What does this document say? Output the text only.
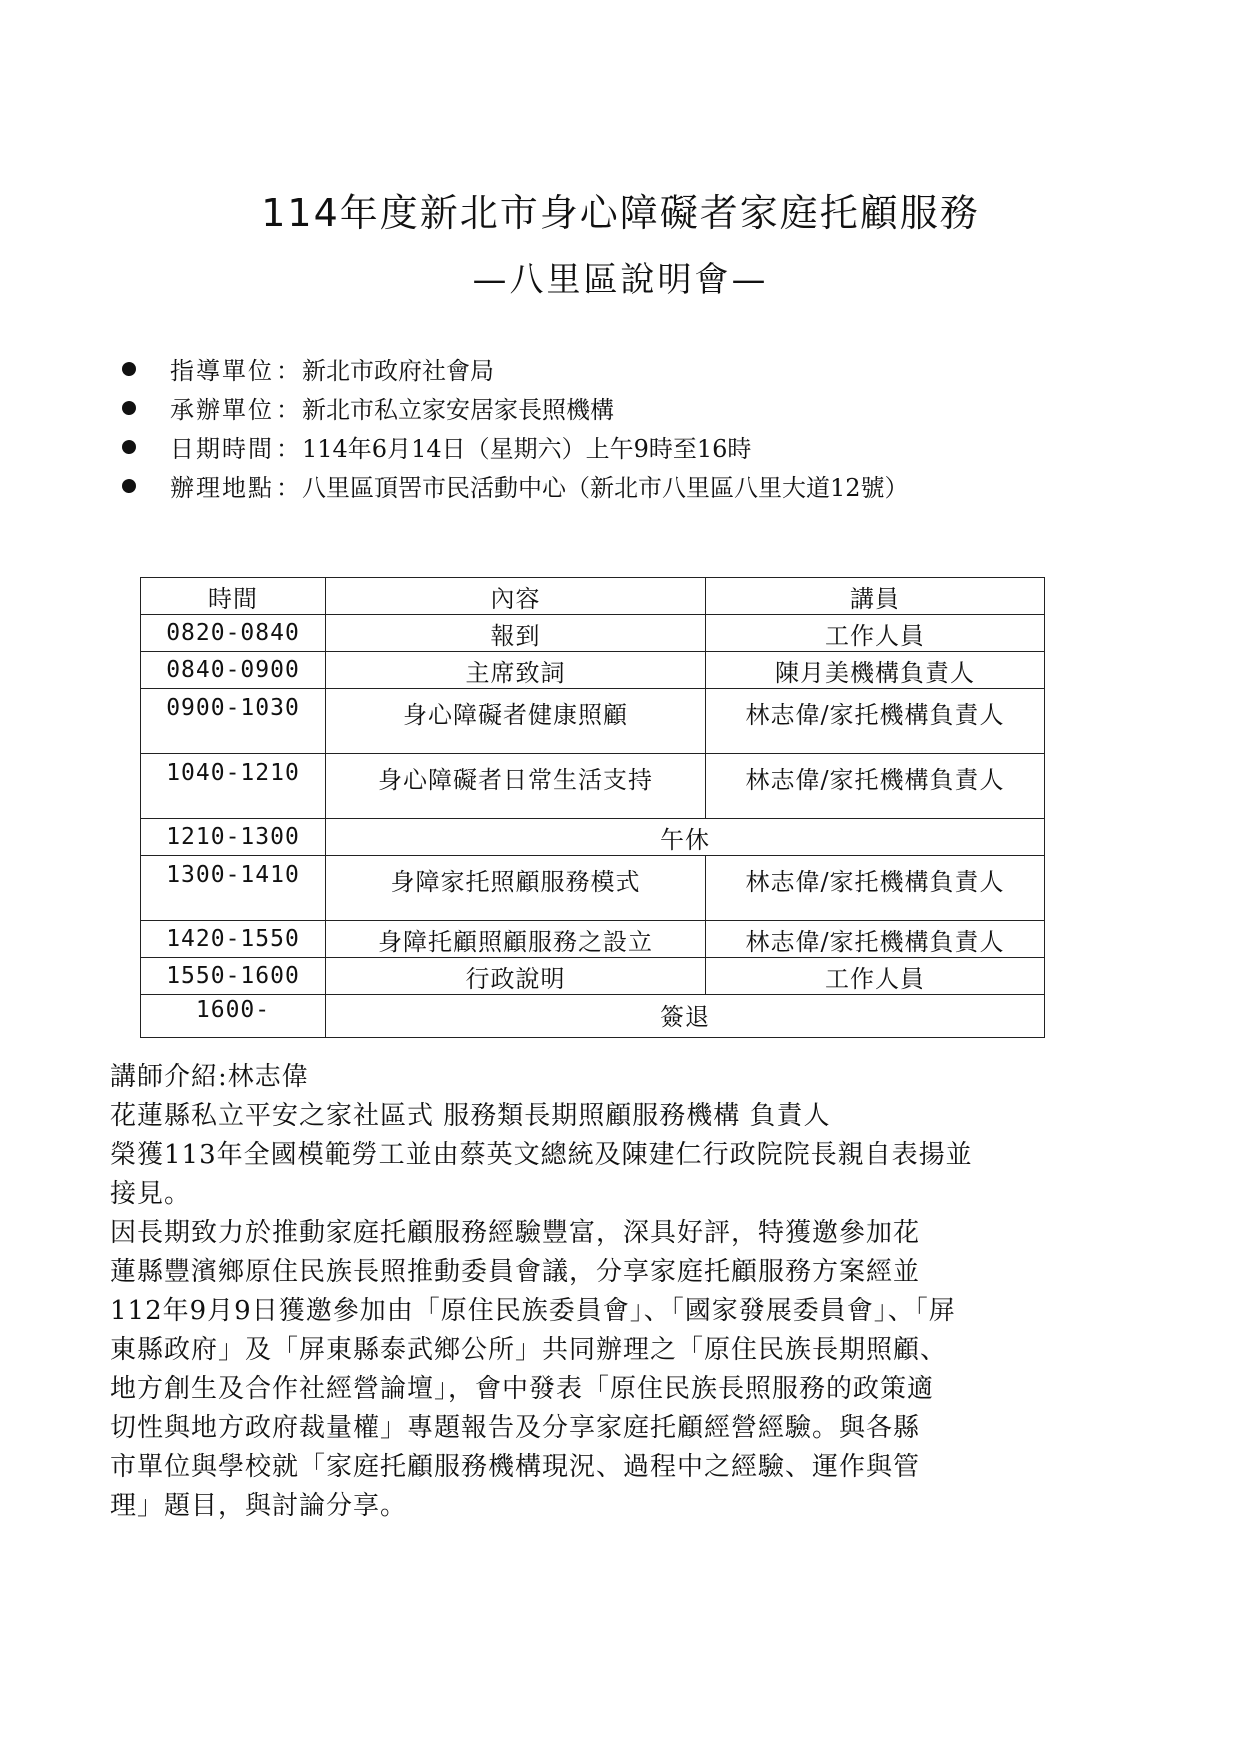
114年度新北市身心障礙者家庭托顧服務
—八里區說明會—
指導單位 ： 新北市政府社會局
承辦單位 ： 新北市私立家安居家長照機構
日期時間 ： 114年6月14日（星期六）上午9時至16時
辦理地點 ： 八里區頂罟市民活動中心（新北市八里區八里大道12號）
時間	內容	講員
0820-0840	報到	工作人員
0840-0900	主席致詞	陳月美機構負責人
0900-1030	身心障礙者健康照顧	林志偉/家托機構負責人
1040-1210	身心障礙者日常生活支持	林志偉/家托機構負責人
1210-1300	午休	
1300-1410	身障家托照顧服務模式	林志偉/家托機構負責人
1420-1550	身障托顧照顧服務之設立	林志偉/家托機構負責人
1550-1600	行政說明	工作人員
1600-	簽退	

講師介紹:林志偉

花蓮縣私立平安之家社區式 服務類長期照顧服務機構 負責人

榮獲113年全國模範勞工並由蔡英文總統及陳建仁行政院院長親自表揚並

接見。

因長期致力於推動家庭托顧服務經驗豐富，深具好評，特獲邀參加花

蓮縣豐濱鄉原住民族長照推動委員會議，分享家庭托顧服務方案經並

112年9月9日獲邀參加由「原住民族委員會」、「國家發展委員會」、「屏

東縣政府」及「屏東縣泰武鄉公所」共同辦理之「原住民族長期照顧、

地方創生及合作社經營論壇」，會中發表「原住民族長照服務的政策適

切性與地方政府裁量權」專題報告及分享家庭托顧經營經驗。與各縣

市單位與學校就「家庭托顧服務機構現況、過程中之經驗、運作與管

理」題目，與討論分享。
